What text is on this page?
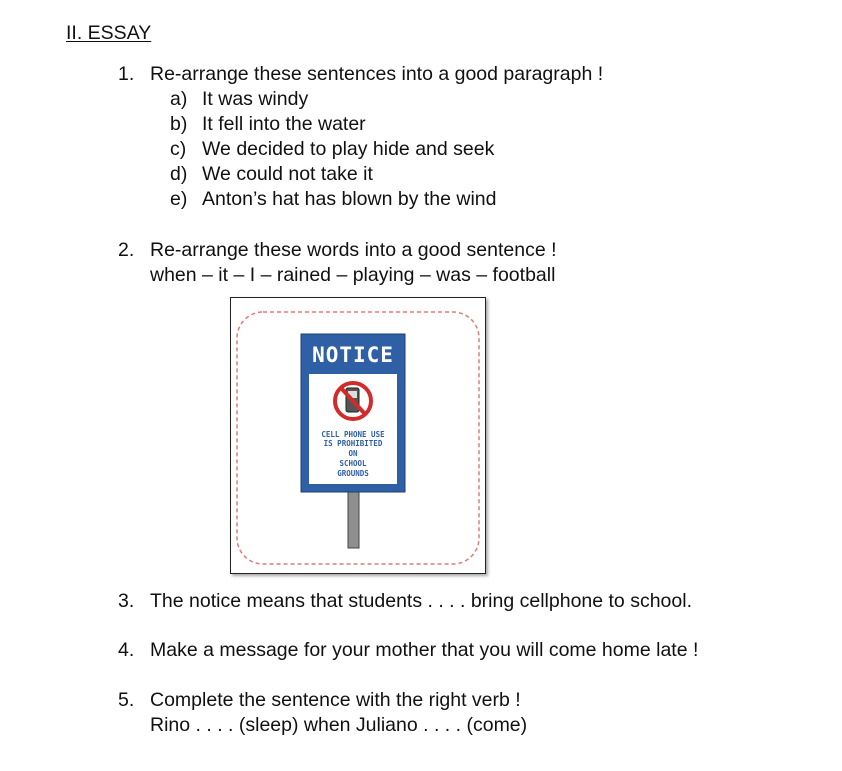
II. ESSAY
1. Re-arrange these sentences into a good paragraph !
a) It was windy
b) It fell into the water
c) We decided to play hide and seek
d) We could not take it
e) Anton’s hat has blown by the wind
2. Re-arrange these words into a good sentence !
when – it – I – rained – playing – was – football
NOTICE
CELL PHONE USE
IS PROHIBITED
ON
SCHOOL
GROUNDS
3. The notice means that students . . . . bring cellphone to school.
4. Make a message for your mother that you will come home late !
5. Complete the sentence with the right verb !
Rino . . . . (sleep) when Juliano . . . . (come)
